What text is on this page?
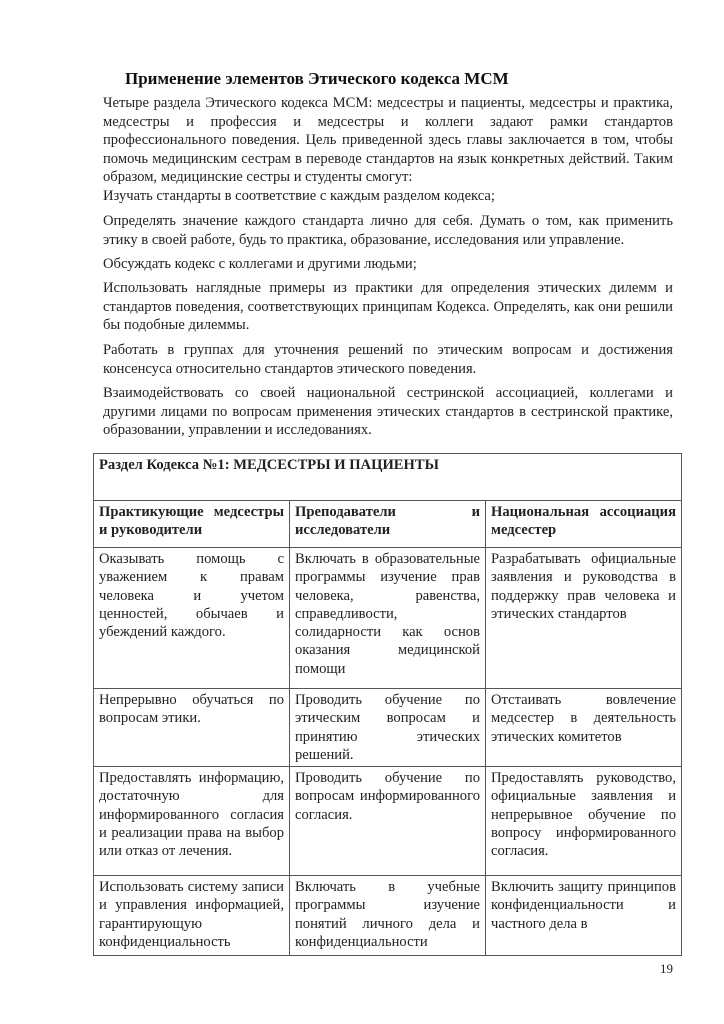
Применение элементов Этического кодекса МСМ

Четыре раздела Этического кодекса МСМ: медсестры и пациенты, медсестры и практика, медсестры и профессия и медсестры и коллеги задают рамки стандартов профессионального поведения. Цель приведенной здесь главы заключается в том, чтобы помочь медицинским сестрам в переводе стандартов на язык конкретных действий. Таким образом, медицинские сестры и студенты смогут:

Изучать стандарты в соответствие с каждым разделом кодекса;

Определять значение каждого стандарта лично для себя. Думать о том, как применить этику в своей работе, будь то практика, образование, исследования или управление.

Обсуждать кодекс с коллегами и другими людьми;

Использовать наглядные примеры из практики для определения этических дилемм и стандартов поведения, соответствующих принципам Кодекса. Определять, как они решили бы подобные дилеммы.

Работать в группах для уточнения решений по этическим вопросам и достижения консенсуса относительно стандартов этического поведения.

Взаимодействовать со своей национальной сестринской ассоциацией, коллегами и другими лицами по вопросам применения этических стандартов в сестринской практике, образовании, управлении и исследованиях.

Раздел Кодекса №1: МЕДСЕСТРЫ И ПАЦИЕНТЫ		
Практикующие медсестры и руководители	Преподаватели и исследователи	Национальная ассоциация медсестер
Оказывать помощь с уважением к правам человека и учетом ценностей, обычаев и убеждений каждого.	Включать в образовательные программы изучение прав человека, равенства, справедливости, солидарности как основ оказания медицинской помощи	Разрабатывать официальные заявления и руководства в поддержку прав человека и этических стандартов
Непрерывно обучаться по вопросам этики.	Проводить обучение по этическим вопросам и принятию этических решений.	Отстаивать вовлечение медсестер в деятельность этических комитетов
Предоставлять информацию, достаточную для информированного согласия и реализации права на выбор или отказ от лечения.	Проводить обучение по вопросам информированного согласия.	Предоставлять руководство, официальные заявления и непрерывное обучение по вопросу информированного согласия.
Использовать систему записи и управления информацией, гарантирующую конфиденциальность	Включать в учебные программы изучение понятий личного дела и конфиденциальности	Включить защиту принципов конфиденциальности и частного дела в
19
